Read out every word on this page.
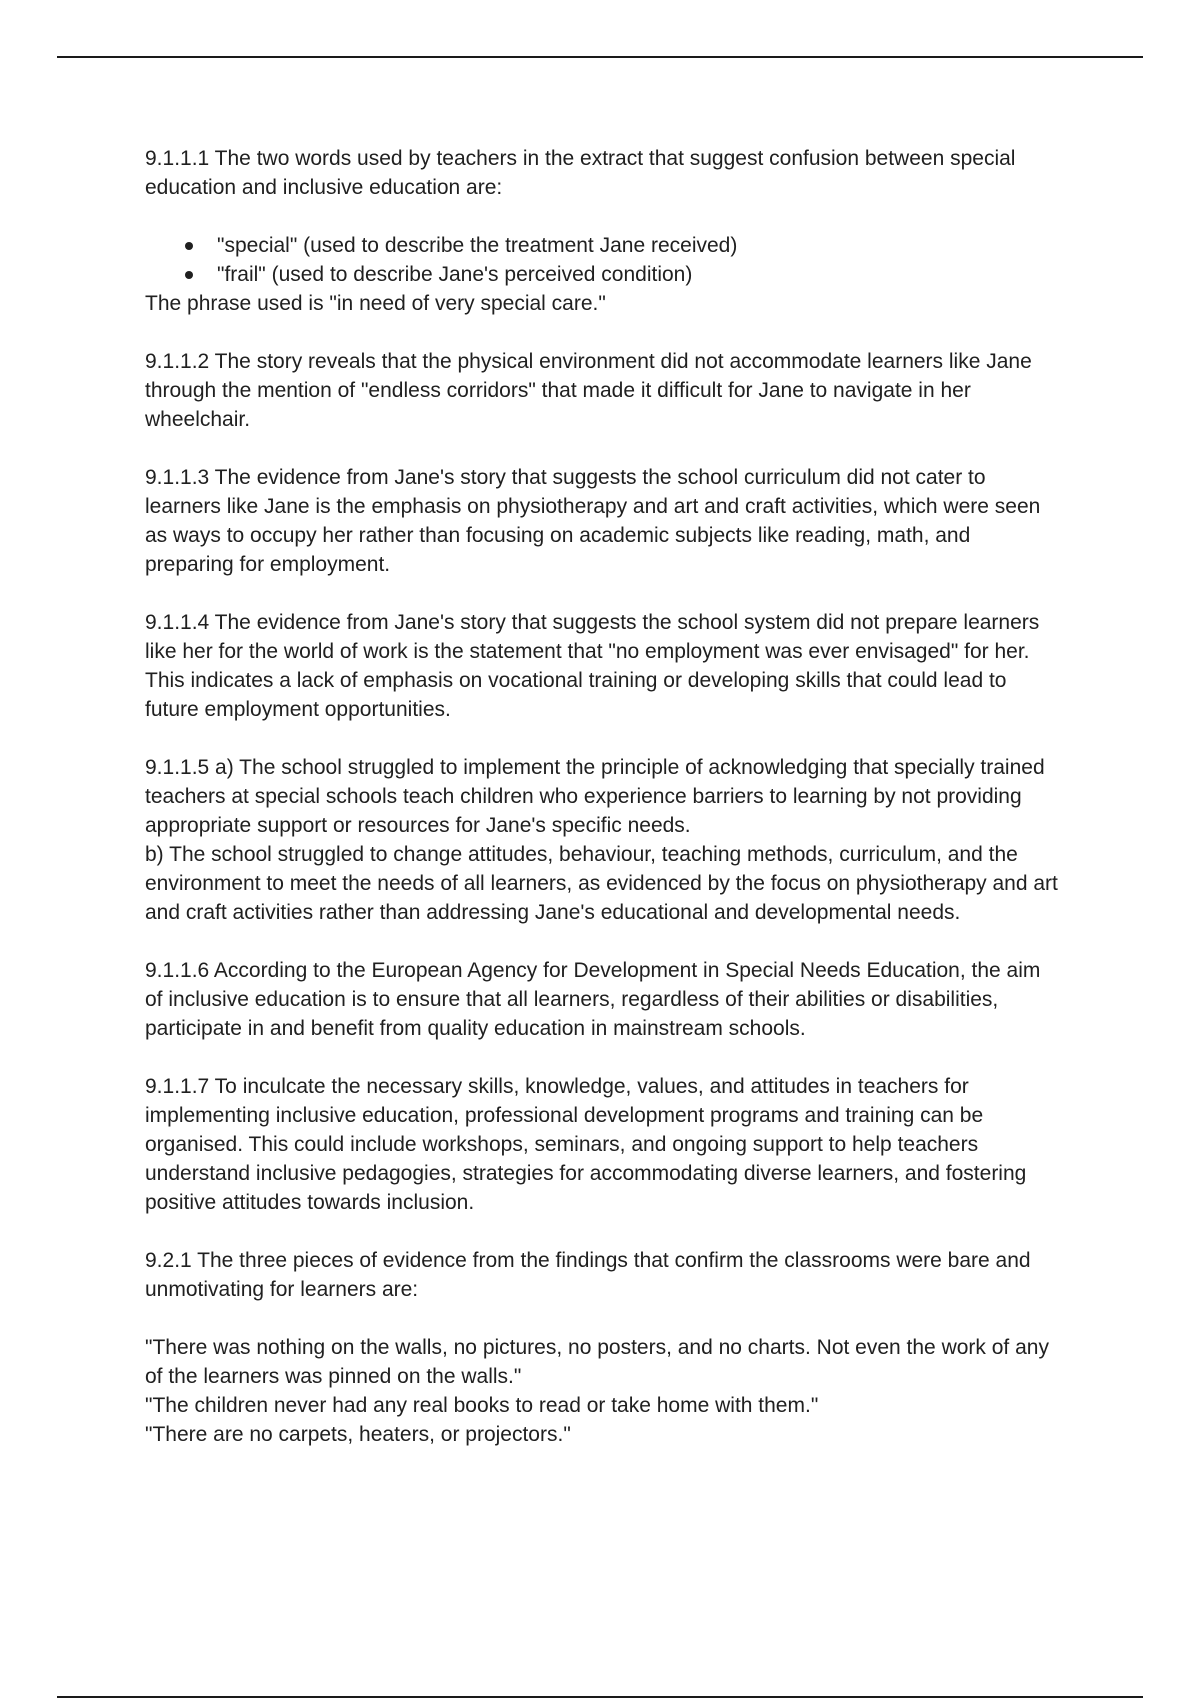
9.1.1.1 The two words used by teachers in the extract that suggest confusion between special education and inclusive education are:

"special" (used to describe the treatment Jane received)
"frail" (used to describe Jane's perceived condition)

The phrase used is "in need of very special care."

9.1.1.2 The story reveals that the physical environment did not accommodate learners like Jane through the mention of "endless corridors" that made it difficult for Jane to navigate in her wheelchair.

9.1.1.3 The evidence from Jane's story that suggests the school curriculum did not cater to learners like Jane is the emphasis on physiotherapy and art and craft activities, which were seen as ways to occupy her rather than focusing on academic subjects like reading, math, and preparing for employment.

9.1.1.4 The evidence from Jane's story that suggests the school system did not prepare learners like her for the world of work is the statement that "no employment was ever envisaged" for her. This indicates a lack of emphasis on vocational training or developing skills that could lead to future employment opportunities.

9.1.1.5 a) The school struggled to implement the principle of acknowledging that specially trained teachers at special schools teach children who experience barriers to learning by not providing appropriate support or resources for Jane's specific needs.

b) The school struggled to change attitudes, behaviour, teaching methods, curriculum, and the environment to meet the needs of all learners, as evidenced by the focus on physiotherapy and art and craft activities rather than addressing Jane's educational and developmental needs.

9.1.1.6 According to the European Agency for Development in Special Needs Education, the aim of inclusive education is to ensure that all learners, regardless of their abilities or disabilities, participate in and benefit from quality education in mainstream schools.

9.1.1.7 To inculcate the necessary skills, knowledge, values, and attitudes in teachers for implementing inclusive education, professional development programs and training can be organised. This could include workshops, seminars, and ongoing support to help teachers understand inclusive pedagogies, strategies for accommodating diverse learners, and fostering positive attitudes towards inclusion.

9.2.1 The three pieces of evidence from the findings that confirm the classrooms were bare and unmotivating for learners are:

"There was nothing on the walls, no pictures, no posters, and no charts. Not even the work of any of the learners was pinned on the walls."

"The children never had any real books to read or take home with them."

"There are no carpets, heaters, or projectors."
